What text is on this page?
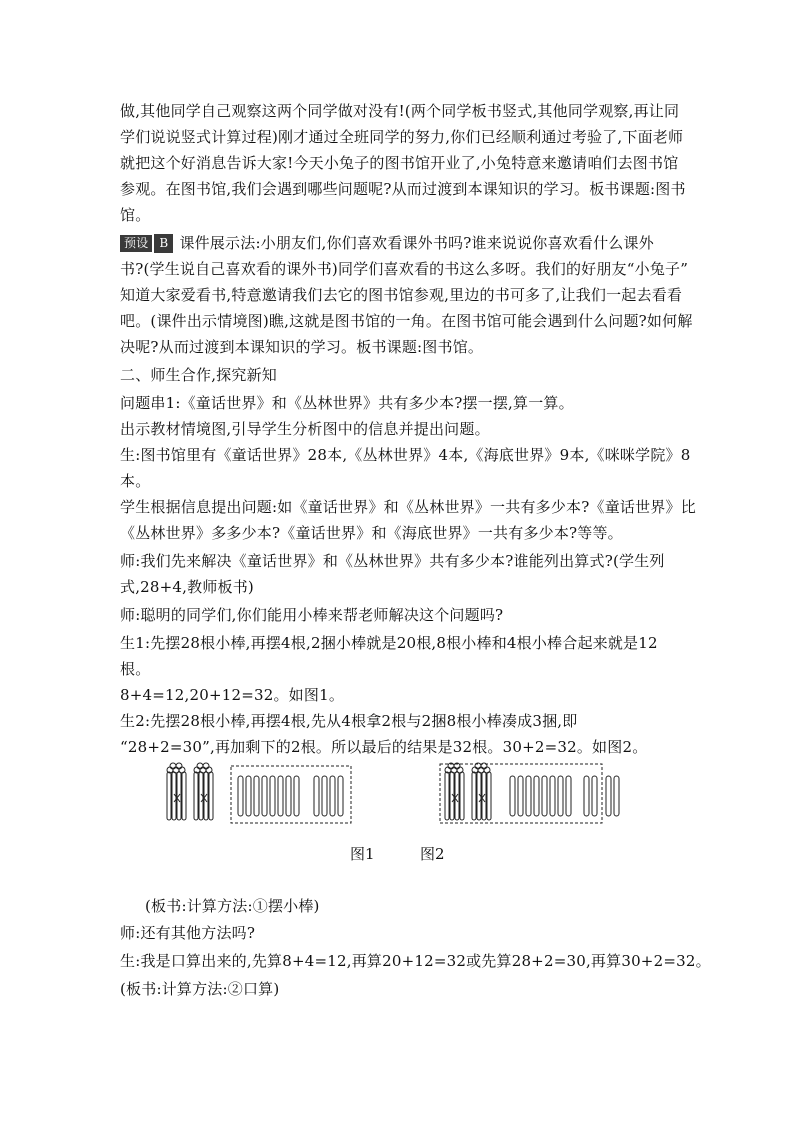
做,其他同学自己观察这两个同学做对没有!(两个同学板书竖式,其他同学观察,再让同
学们说说竖式计算过程)刚才通过全班同学的努力,你们已经顺利通过考验了,下面老师
就把这个好消息告诉大家!今天小兔子的图书馆开业了,小兔特意来邀请咱们去图书馆
参观。在图书馆,我们会遇到哪些问题呢?从而过渡到本课知识的学习。板书课题:图书
馆。
预设 B 课件展示法:小朋友们,你们喜欢看课外书吗?谁来说说你喜欢看什么课外
书?(学生说自己喜欢看的课外书)同学们喜欢看的书这么多呀。我们的好朋友“小兔子”
知道大家爱看书,特意邀请我们去它的图书馆参观,里边的书可多了,让我们一起去看看
吧。(课件出示情境图)瞧,这就是图书馆的一角。在图书馆可能会遇到什么问题?如何解
决呢?从而过渡到本课知识的学习。板书课题:图书馆。
二、师生合作,探究新知
问题串1:《童话世界》和《丛林世界》共有多少本?摆一摆,算一算。
出示教材情境图,引导学生分析图中的信息并提出问题。
生:图书馆里有《童话世界》28本,《丛林世界》4本,《海底世界》9本,《咪咪学院》8
本。
学生根据信息提出问题:如《童话世界》和《丛林世界》一共有多少本?《童话世界》比
《丛林世界》多多少本?《童话世界》和《海底世界》一共有多少本?等等。
师:我们先来解决《童话世界》和《丛林世界》共有多少本?谁能列出算式?(学生列
式,28+4,教师板书)
师:聪明的同学们,你们能用小棒来帮老师解决这个问题吗?
生1:先摆28根小棒,再摆4根,2捆小棒就是20根,8根小棒和4根小棒合起来就是12
根。
8+4=12,20+12=32。如图1。
生2:先摆28根小棒,再摆4根,先从4根拿2根与2捆8根小棒凑成3捆,即
“28+2=30”,再加剩下的2根。所以最后的结果是32根。30+2=32。如图2。
图1	图2
(板书:计算方法:①摆小棒)
师:还有其他方法吗?
生:我是口算出来的,先算8+4=12,再算20+12=32或先算28+2=30,再算30+2=32。
(板书:计算方法:②口算)
